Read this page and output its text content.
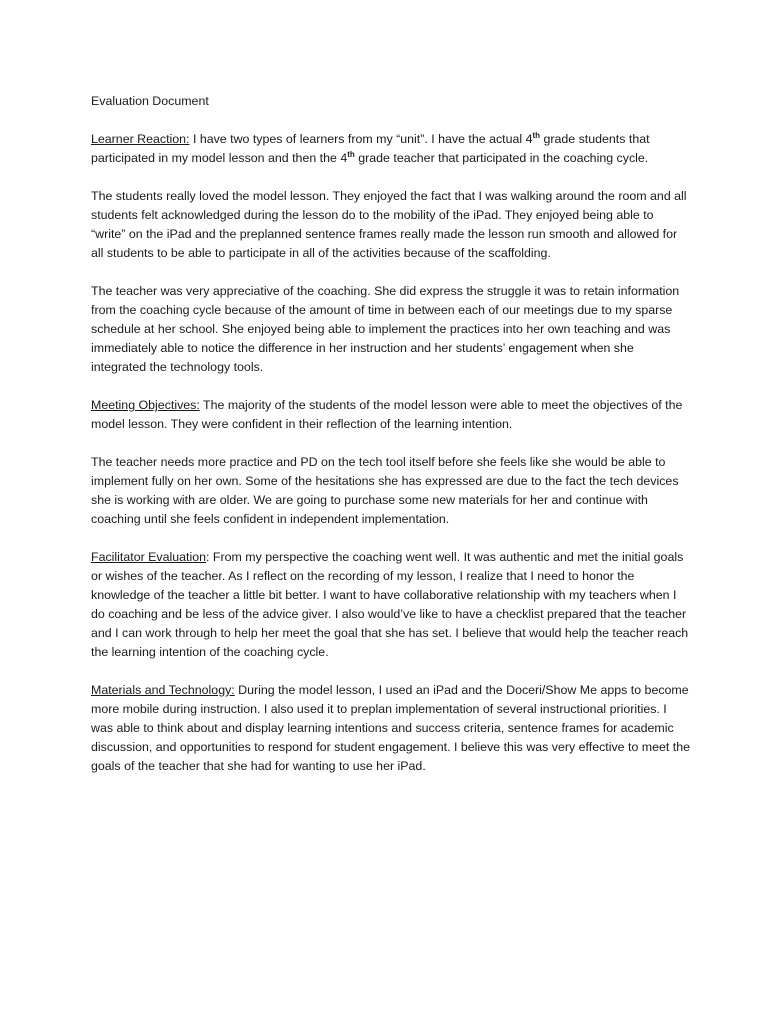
Evaluation Document

Learner Reaction: I have two types of learners from my “unit”. I have the actual 4th grade students that participated in my model lesson and then the 4th grade teacher that participated in the coaching cycle.

The students really loved the model lesson. They enjoyed the fact that I was walking around the room and all students felt acknowledged during the lesson do to the mobility of the iPad. They enjoyed being able to “write” on the iPad and the preplanned sentence frames really made the lesson run smooth and allowed for all students to be able to participate in all of the activities because of the scaffolding.

The teacher was very appreciative of the coaching. She did express the struggle it was to retain information from the coaching cycle because of the amount of time in between each of our meetings due to my sparse schedule at her school. She enjoyed being able to implement the practices into her own teaching and was immediately able to notice the difference in her instruction and her students’ engagement when she integrated the technology tools.

Meeting Objectives: The majority of the students of the model lesson were able to meet the objectives of the model lesson. They were confident in their reflection of the learning intention.

The teacher needs more practice and PD on the tech tool itself before she feels like she would be able to implement fully on her own. Some of the hesitations she has expressed are due to the fact the tech devices she is working with are older. We are going to purchase some new materials for her and continue with coaching until she feels confident in independent implementation.

Facilitator Evaluation: From my perspective the coaching went well. It was authentic and met the initial goals or wishes of the teacher. As I reflect on the recording of my lesson, I realize that I need to honor the knowledge of the teacher a little bit better. I want to have collaborative relationship with my teachers when I do coaching and be less of the advice giver. I also would’ve like to have a checklist prepared that the teacher and I can work through to help her meet the goal that she has set. I believe that would help the teacher reach the learning intention of the coaching cycle.

Materials and Technology: During the model lesson, I used an iPad and the Doceri/Show Me apps to become more mobile during instruction. I also used it to preplan implementation of several instructional priorities. I was able to think about and display learning intentions and success criteria, sentence frames for academic discussion, and opportunities to respond for student engagement. I believe this was very effective to meet the goals of the teacher that she had for wanting to use her iPad.
